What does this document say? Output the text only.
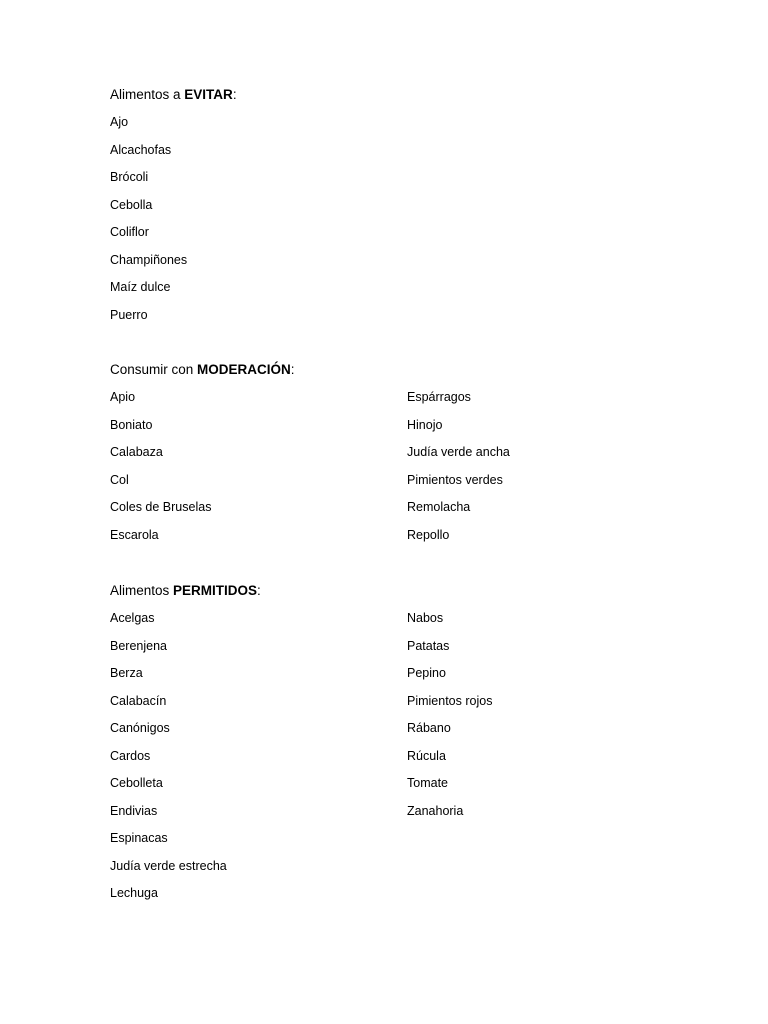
Alimentos a EVITAR:
Ajo
Alcachofas
Brócoli
Cebolla
Coliflor
Champiñones
Maíz dulce
Puerro
Consumir con MODERACIÓN:
Apio
Boniato
Calabaza
Col
Coles de Bruselas
Escarola
Espárragos
Hinojo
Judía verde ancha
Pimientos verdes
Remolacha
Repollo
Alimentos PERMITIDOS:
Acelgas
Berenjena
Berza
Calabacín
Canónigos
Cardos
Cebolleta
Endivias
Espinacas
Judía verde estrecha
Lechuga
Nabos
Patatas
Pepino
Pimientos rojos
Rábano
Rúcula
Tomate
Zanahoria
